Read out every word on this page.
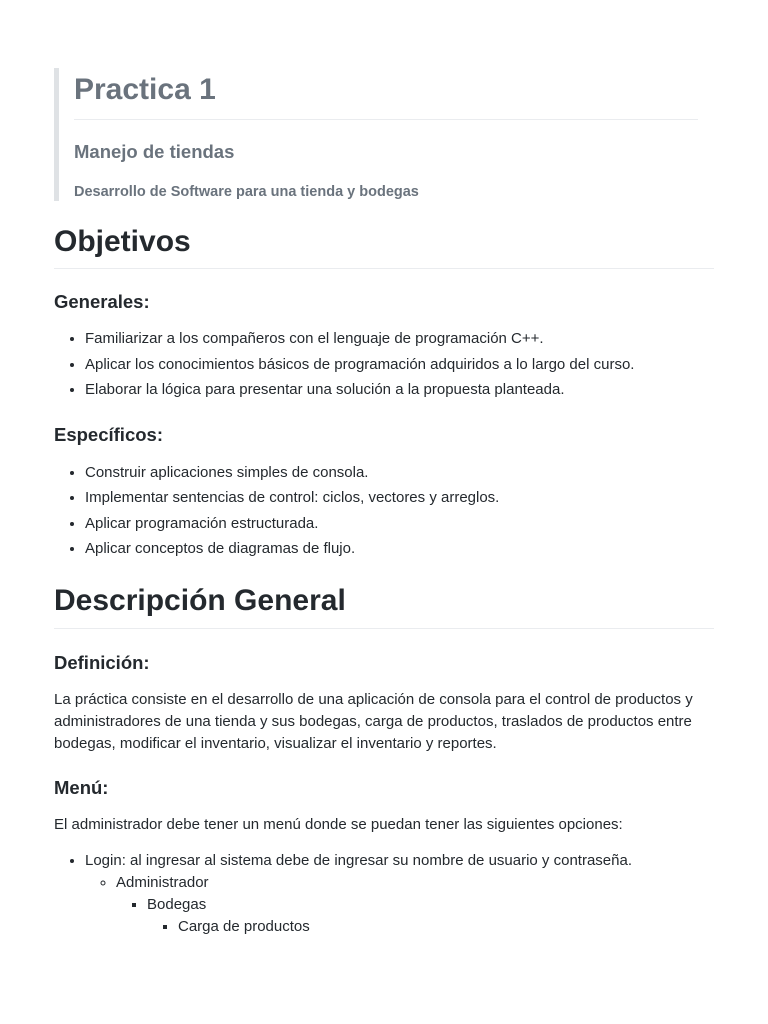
Practica 1
Manejo de tiendas
Desarrollo de Software para una tienda y bodegas
Objetivos
Generales:
• Familiarizar a los compañeros con el lenguaje de programación C++.
• Aplicar los conocimientos básicos de programación adquiridos a lo largo del curso.
• Elaborar la lógica para presentar una solución a la propuesta planteada.
Específicos:
• Construir aplicaciones simples de consola.
• Implementar sentencias de control: ciclos, vectores y arreglos.
• Aplicar programación estructurada.
• Aplicar conceptos de diagramas de flujo.
Descripción General
Definición:

La práctica consiste en el desarrollo de una aplicación de consola para el control de productos y administradores de una tienda y sus bodegas, carga de productos, traslados de productos entre bodegas, modificar el inventario, visualizar el inventario y reportes.

Menú:

El administrador debe tener un menú donde se puedan tener las siguientes opciones:

• Login: al ingresar al sistema debe de ingresar su nombre de usuario y contraseña.
◦ Administrador
▪ Bodegas
▪ Carga de productos
